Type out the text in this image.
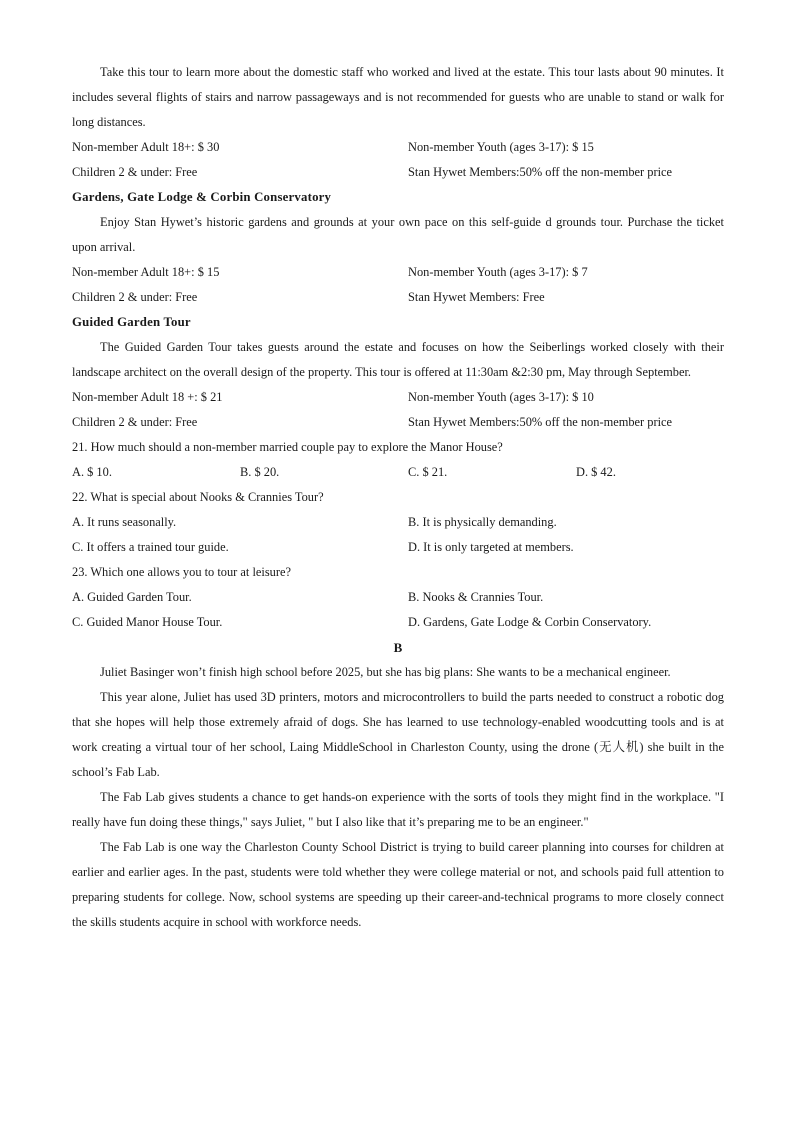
Take this tour to learn more about the domestic staff who worked and lived at the estate. This tour lasts about 90 minutes. It includes several flights of stairs and narrow passageways and is not recommended for guests who are unable to stand or walk for long distances.
Non-member Adult 18+: $ 30	Non-member Youth (ages 3-17): $ 15
Children 2 & under: Free	Stan Hywet Members:50% off the non-member price
Gardens, Gate Lodge & Corbin Conservatory
Enjoy Stan Hywet’s historic gardens and grounds at your own pace on this self-guide d grounds tour. Purchase the ticket upon arrival.
Non-member Adult 18+: $ 15	Non-member Youth (ages 3-17): $ 7
Children 2 & under: Free	Stan Hywet Members: Free
Guided Garden Tour
The Guided Garden Tour takes guests around the estate and focuses on how the Seiberlings worked closely with their landscape architect on the overall design of the property. This tour is offered at 11:30am &2:30 pm, May through September.
Non-member Adult 18 +: $ 21	Non-member Youth (ages 3-17): $ 10
Children 2 & under: Free	Stan Hywet Members:50% off the non-member price
21. How much should a non-member married couple pay to explore the Manor House?
A. $ 10.	B. $ 20.	C. $ 21.	D. $ 42.
22. What is special about Nooks & Crannies Tour?
A. It runs seasonally.	B. It is physically demanding.
C. It offers a trained tour guide.	D. It is only targeted at members.
23. Which one allows you to tour at leisure?
A. Guided Garden Tour.	B. Nooks & Crannies Tour.
C. Guided Manor House Tour.	D. Gardens, Gate Lodge & Corbin Conservatory.
B
Juliet Basinger won’t finish high school before 2025, but she has big plans: She wants to be a mechanical engineer.
This year alone, Juliet has used 3D printers, motors and microcontrollers to build the parts needed to construct a robotic dog that she hopes will help those extremely afraid of dogs. She has learned to use technology-enabled woodcutting tools and is at work creating a virtual tour of her school, Laing MiddleSchool in Charleston County, using the drone (无人机) she built in the school’s Fab Lab.
The Fab Lab gives students a chance to get hands-on experience with the sorts of tools they might find in the workplace. "I really have fun doing these things," says Juliet, " but I also like that it’s preparing me to be an engineer."
The Fab Lab is one way the Charleston County School District is trying to build career planning into courses for children at earlier and earlier ages. In the past, students were told whether they were college material or not, and schools paid full attention to preparing students for college. Now, school systems are speeding up their career-and-technical programs to more closely connect the skills students acquire in school with workforce needs.
